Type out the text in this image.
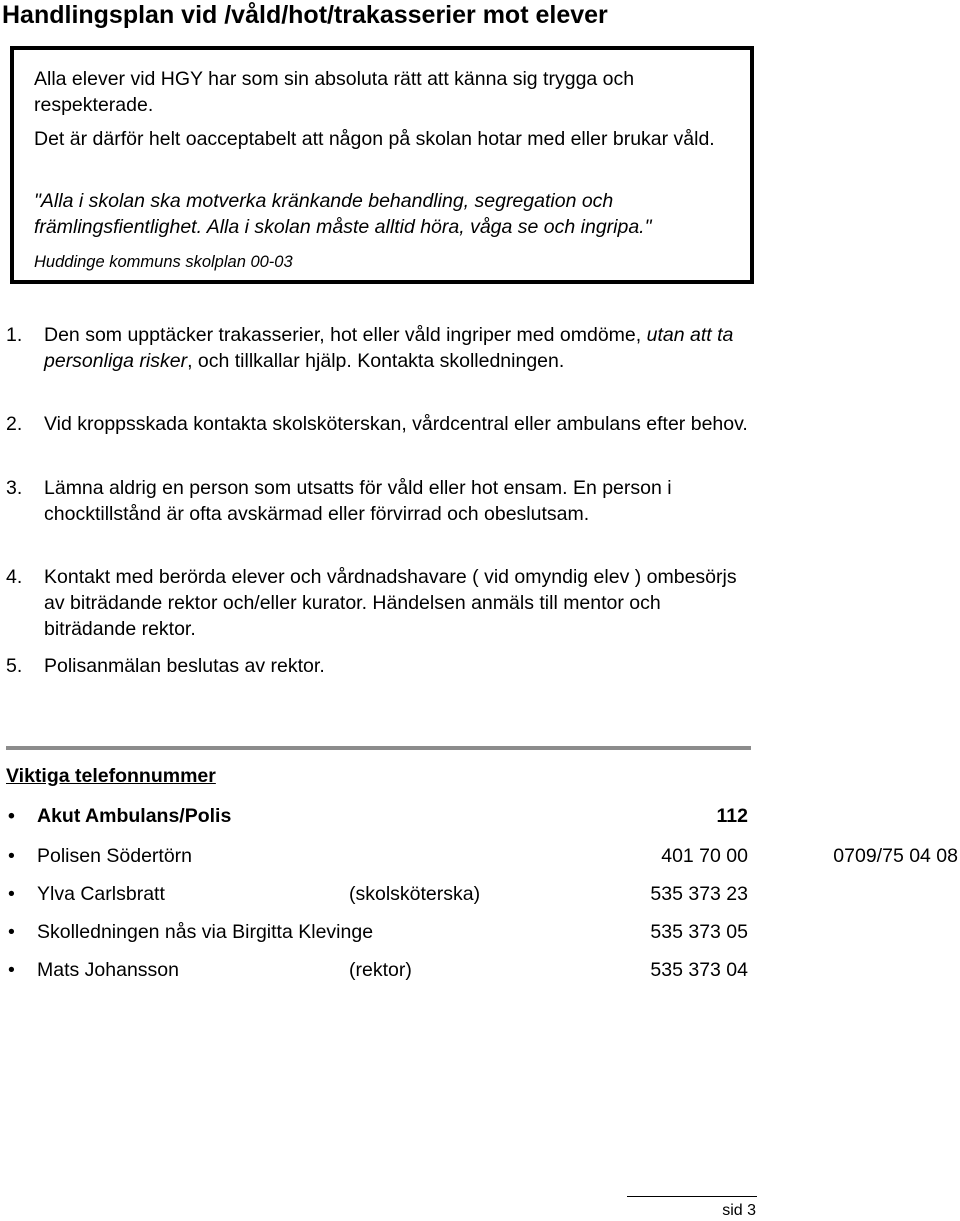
Handlingsplan vid /våld/hot/trakasserier mot elever
Alla elever vid HGY har som sin absoluta rätt att känna sig trygga och respekterade.
Det är därför helt oacceptabelt att någon på skolan hotar med eller brukar våld.
"Alla i skolan ska motverka kränkande behandling, segregation och främlingsfientlighet. Alla i skolan måste alltid höra, våga se och ingripa."
Huddinge kommuns skolplan 00-03
1. Den som upptäcker trakasserier, hot eller våld ingriper med omdöme, utan att ta personliga risker, och tillkallar hjälp. Kontakta skolledningen.
2. Vid kroppsskada kontakta skolsköterskan, vårdcentral eller ambulans efter behov.
3. Lämna aldrig en person som utsatts för våld eller hot ensam. En person i chocktillstånd är ofta avskärmad eller förvirrad och obeslutsam.
4. Kontakt med berörda elever och vårdnadshavare ( vid omyndig elev ) ombesörjs av biträdande rektor och/eller kurator. Händelsen anmäls till mentor och biträdande rektor.
5. Polisanmälan beslutas av rektor.
Viktiga telefonnummer
• Akut Ambulans/Polis	112
• Polisen Södertörn	401 70 00	0709/75 04 08
• Ylva Carlsbratt	(skolsköterska)	535 373 23
• Skolledningen nås via Birgitta Klevinge	535 373 05
• Mats Johansson	(rektor)	535 373 04
sid 3
